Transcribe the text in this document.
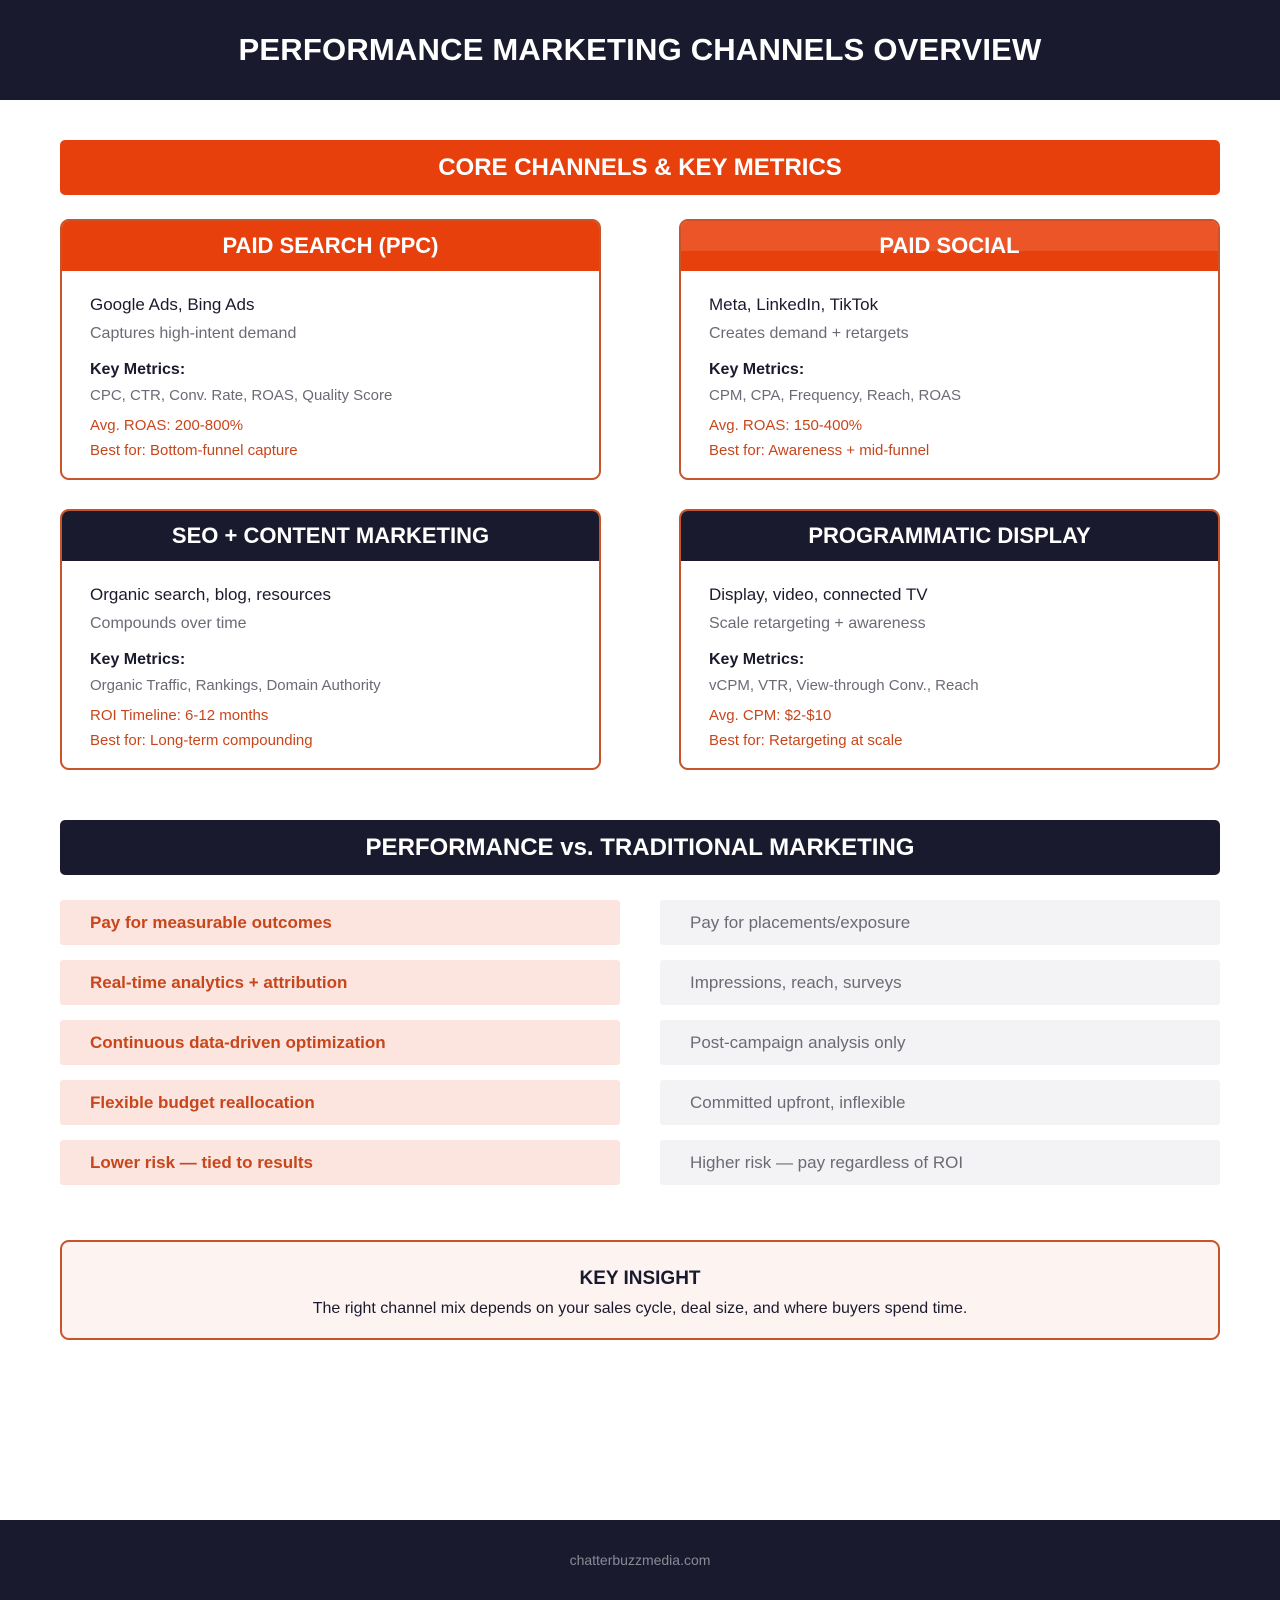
PERFORMANCE MARKETING CHANNELS OVERVIEW
CORE CHANNELS & KEY METRICS
PAID SEARCH (PPC)
Google Ads, Bing Ads
Captures high-intent demand
Key Metrics:
CPC, CTR, Conv. Rate, ROAS, Quality Score
Avg. ROAS: 200-800%
Best for: Bottom-funnel capture
PAID SOCIAL
Meta, LinkedIn, TikTok
Creates demand + retargets
Key Metrics:
CPM, CPA, Frequency, Reach, ROAS
Avg. ROAS: 150-400%
Best for: Awareness + mid-funnel
SEO + CONTENT MARKETING
Organic search, blog, resources
Compounds over time
Key Metrics:
Organic Traffic, Rankings, Domain Authority
ROI Timeline: 6-12 months
Best for: Long-term compounding
PROGRAMMATIC DISPLAY
Display, video, connected TV
Scale retargeting + awareness
Key Metrics:
vCPM, VTR, View-through Conv., Reach
Avg. CPM: $2-$10
Best for: Retargeting at scale
PERFORMANCE vs. TRADITIONAL MARKETING
Pay for measurable outcomes	Pay for placements/exposure
Real-time analytics + attribution	Impressions, reach, surveys
Continuous data-driven optimization	Post-campaign analysis only
Flexible budget reallocation	Committed upfront, inflexible
Lower risk — tied to results	Higher risk — pay regardless of ROI
KEY INSIGHT
The right channel mix depends on your sales cycle, deal size, and where buyers spend time.
chatterbuzzmedia.com
